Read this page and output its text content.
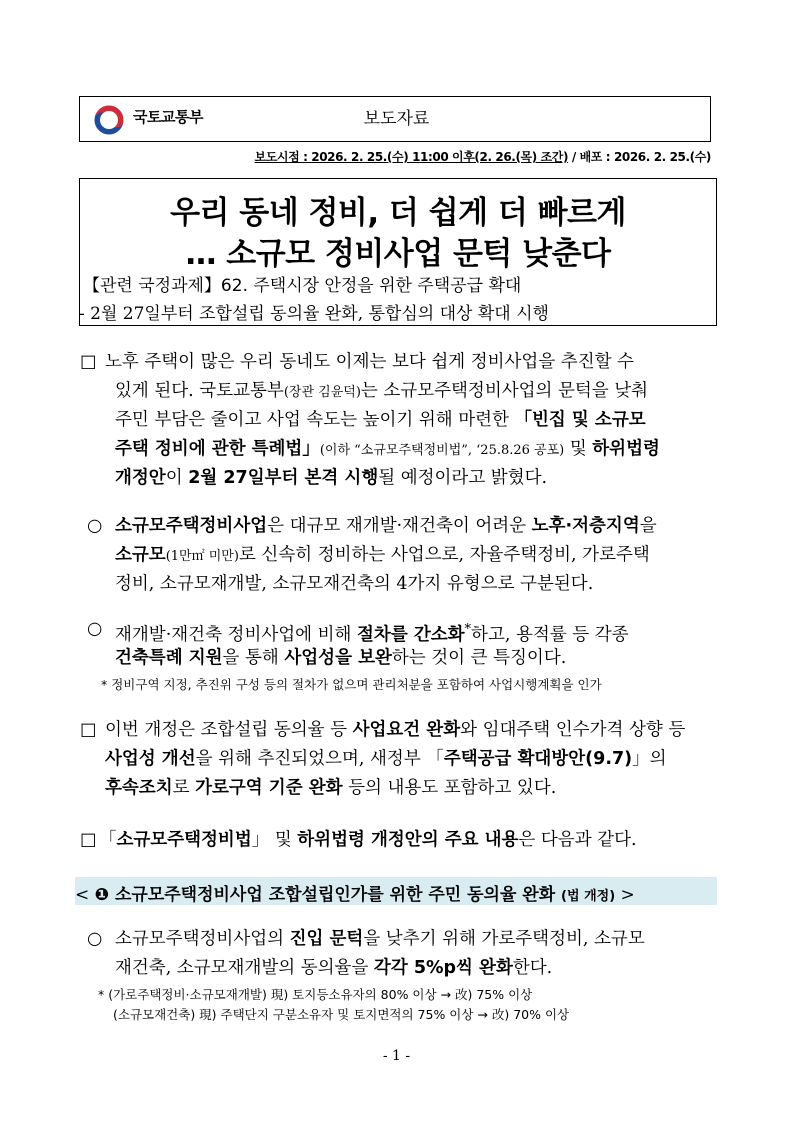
국토교통부	보도자료
보도시점 : 2026. 2. 25.(수) 11:00 이후(2. 26.(목) 조간) / 배포 : 2026. 2. 25.(수)
우리 동네 정비, 더 쉽게 더 빠르게
… 소규모 정비사업 문턱 낮춘다
【관련 국정과제】62. 주택시장 안정을 위한 주택공급 확대
- 2월 27일부터 조합설립 동의율 완화, 통합심의 대상 확대 시행
□ 노후 주택이 많은 우리 동네도 이제는 보다 쉽게 정비사업을 추진할 수
있게 된다. 국토교통부(장관 김윤덕)는 소규모주택정비사업의 문턱을 낮춰
주민 부담은 줄이고 사업 속도는 높이기 위해 마련한 「빈집 및 소규모
주택 정비에 관한 특례법」(이하 “소규모주택정비법”, ‘25.8.26 공포) 및 하위법령
개정안이 2월 27일부터 본격 시행될 예정이라고 밝혔다.
○ 소규모주택정비사업은 대규모 재개발·재건축이 어려운 노후·저층지역을
소규모(1만㎡ 미만)로 신속히 정비하는 사업으로, 자율주택정비, 가로주택
정비, 소규모재개발, 소규모재건축의 4가지 유형으로 구분된다.
○ 재개발·재건축 정비사업에 비해 절차를 간소화*하고, 용적률 등 각종
건축특례 지원을 통해 사업성을 보완하는 것이 큰 특징이다.
* 정비구역 지정, 추진위 구성 등의 절차가 없으며 관리처분을 포함하여 사업시행계획을 인가
□ 이번 개정은 조합설립 동의율 등 사업요건 완화와 임대주택 인수가격 상향 등
사업성 개선을 위해 추진되었으며, 새정부 「주택공급 확대방안(9.7)」의
후속조치로 가로구역 기준 완화 등의 내용도 포함하고 있다.
□ 「소규모주택정비법」 및 하위법령 개정안의 주요 내용은 다음과 같다.
< ❶ 소규모주택정비사업 조합설립인가를 위한 주민 동의율 완화 (법 개정) >
○ 소규모주택정비사업의 진입 문턱을 낮추기 위해 가로주택정비, 소규모
재건축, 소규모재개발의 동의율을 각각 5%p씩 완화한다.
* (가로주택정비·소규모재개발) 現) 토지등소유자의 80% 이상 → 改) 75% 이상
(소규모재건축) 現) 주택단지 구분소유자 및 토지면적의 75% 이상 → 改) 70% 이상
- 1 -
